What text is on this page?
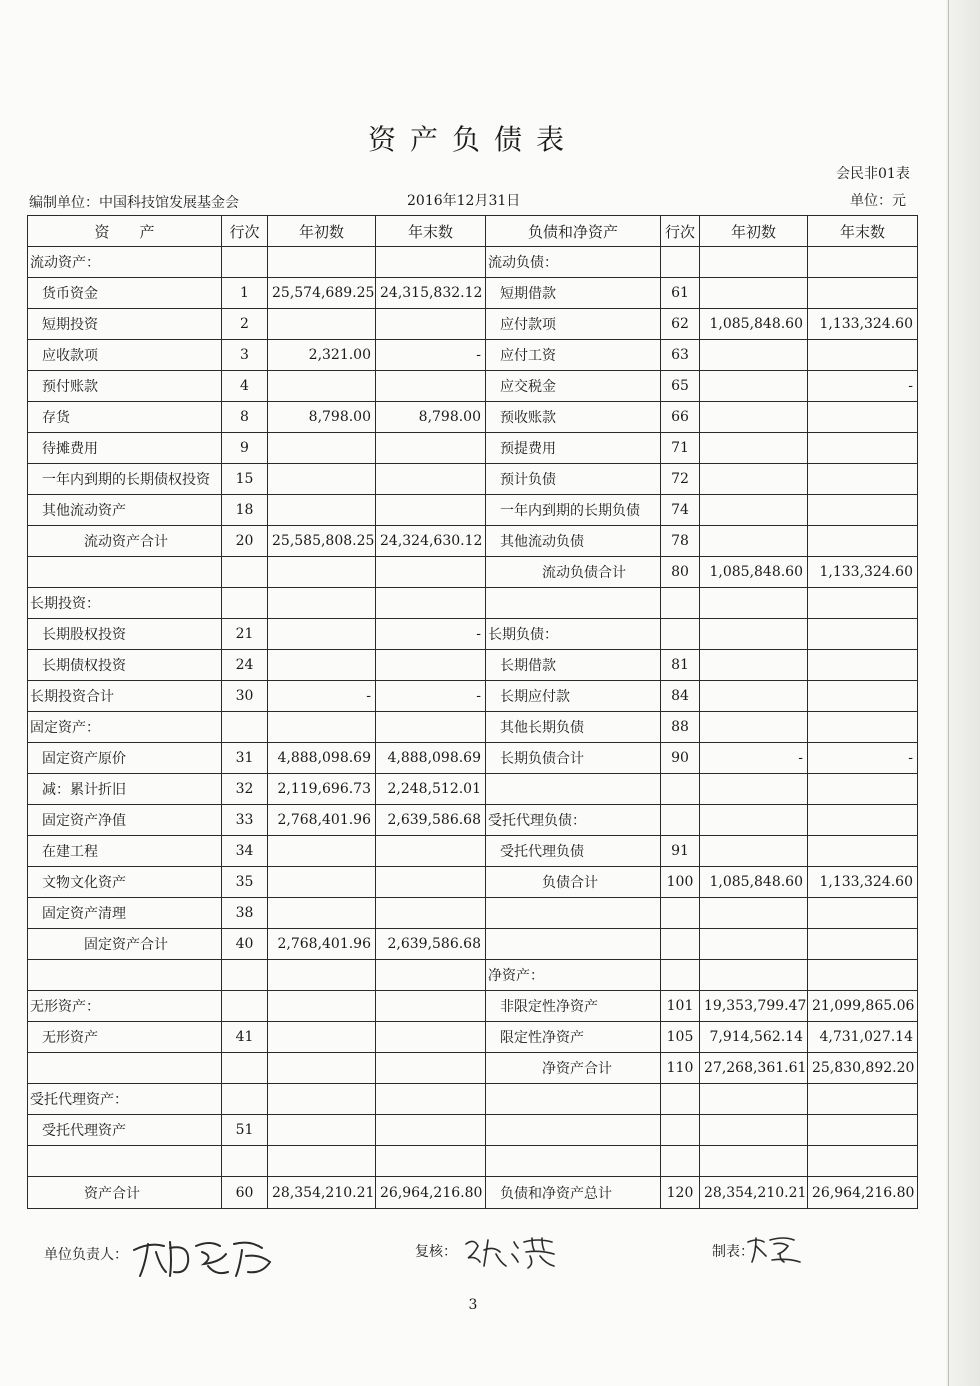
资产负债表
会民非01表
编制单位：中国科技馆发展基金会	2016年12月31日	单位：元
资　　产	行次	年初数	年末数	负债和净资产	行次	年初数	年末数
流动资产：				流动负债：			
货币资金	1	25,574,689.25	24,315,832.12	短期借款	61		
短期投资	2			应付款项	62	1,085,848.60	1,133,324.60
应收款项	3	2,321.00	-	应付工资	63		
预付账款	4			应交税金	65		-
存货	8	8,798.00	8,798.00	预收账款	66		
待摊费用	9			预提费用	71		
一年内到期的长期债权投资	15			预计负债	72		
其他流动资产	18			一年内到期的长期负债	74		
流动资产合计	20	25,585,808.25	24,324,630.12	其他流动负债	78		
				流动负债合计	80	1,085,848.60	1,133,324.60
长期投资：							
长期股权投资	21		-	长期负债：			
长期债权投资	24			长期借款	81		
长期投资合计	30	-	-	长期应付款	84		
固定资产：				其他长期负债	88		
固定资产原价	31	4,888,098.69	4,888,098.69	长期负债合计	90	-	-
减：累计折旧	32	2,119,696.73	2,248,512.01				
固定资产净值	33	2,768,401.96	2,639,586.68	受托代理负债：			
在建工程	34			受托代理负债	91		
文物文化资产	35			负债合计	100	1,085,848.60	1,133,324.60
固定资产清理	38						
固定资产合计	40	2,768,401.96	2,639,586.68				
				净资产：			
无形资产：				非限定性净资产	101	19,353,799.47	21,099,865.06
无形资产	41			限定性净资产	105	7,914,562.14	4,731,027.14
				净资产合计	110	27,268,361.61	25,830,892.20
受托代理资产：							
受托代理资产	51						

资产合计	60	28,354,210.21	26,964,216.80	负债和净资产总计	120	28,354,210.21	26,964,216.80
单位负责人：	复核：	制表：
3
